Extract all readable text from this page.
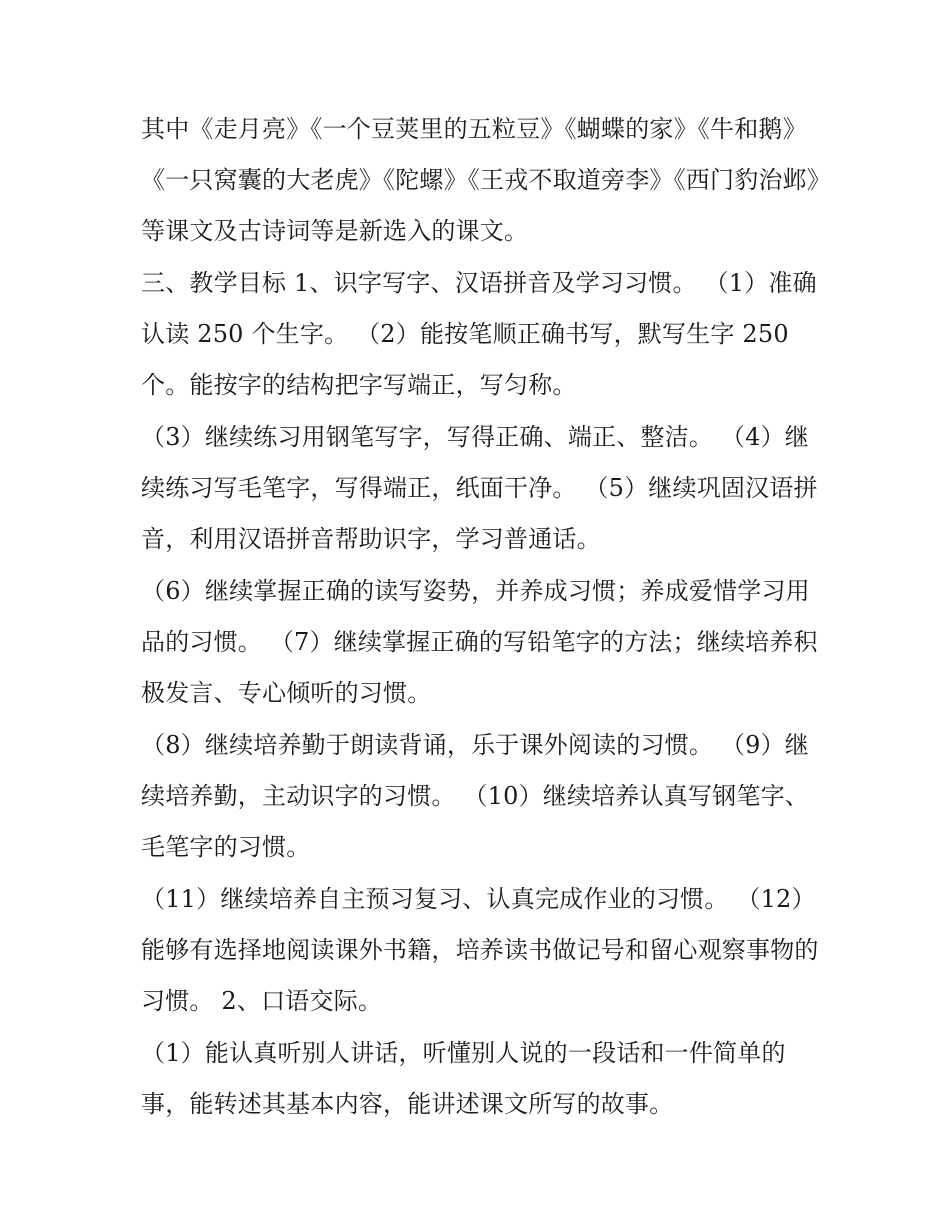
其中《走月亮》《一个豆荚里的五粒豆》《蝴蝶的家》《牛和鹅》《一只窝囊的大老虎》《陀螺》《王戎不取道旁李》《西门豹治邺》等课文及古诗词等是新选入的课文。

三、教学目标 1、识字写字、汉语拼音及学习习惯。 （1）准确认读 250 个生字。 （2）能按笔顺正确书写，默写生字 250 个。能按字的结构把字写端正，写匀称。

（3）继续练习用钢笔写字，写得正确、端正、整洁。 （4）继续练习写毛笔字，写得端正，纸面干净。 （5）继续巩固汉语拼音，利用汉语拼音帮助识字，学习普通话。

（6）继续掌握正确的读写姿势，并养成习惯；养成爱惜学习用品的习惯。 （7）继续掌握正确的写铅笔字的方法；继续培养积极发言、专心倾听的习惯。

（8）继续培养勤于朗读背诵，乐于课外阅读的习惯。 （9）继续培养勤，主动识字的习惯。 （10）继续培养认真写钢笔字、毛笔字的习惯。

（11）继续培养自主预习复习、认真完成作业的习惯。 （12）能够有选择地阅读课外书籍，培养读书做记号和留心观察事物的习惯。 2、口语交际。

（1）能认真听别人讲话，听懂别人说的一段话和一件简单的事，能转述其基本内容，能讲述课文所写的故事。
